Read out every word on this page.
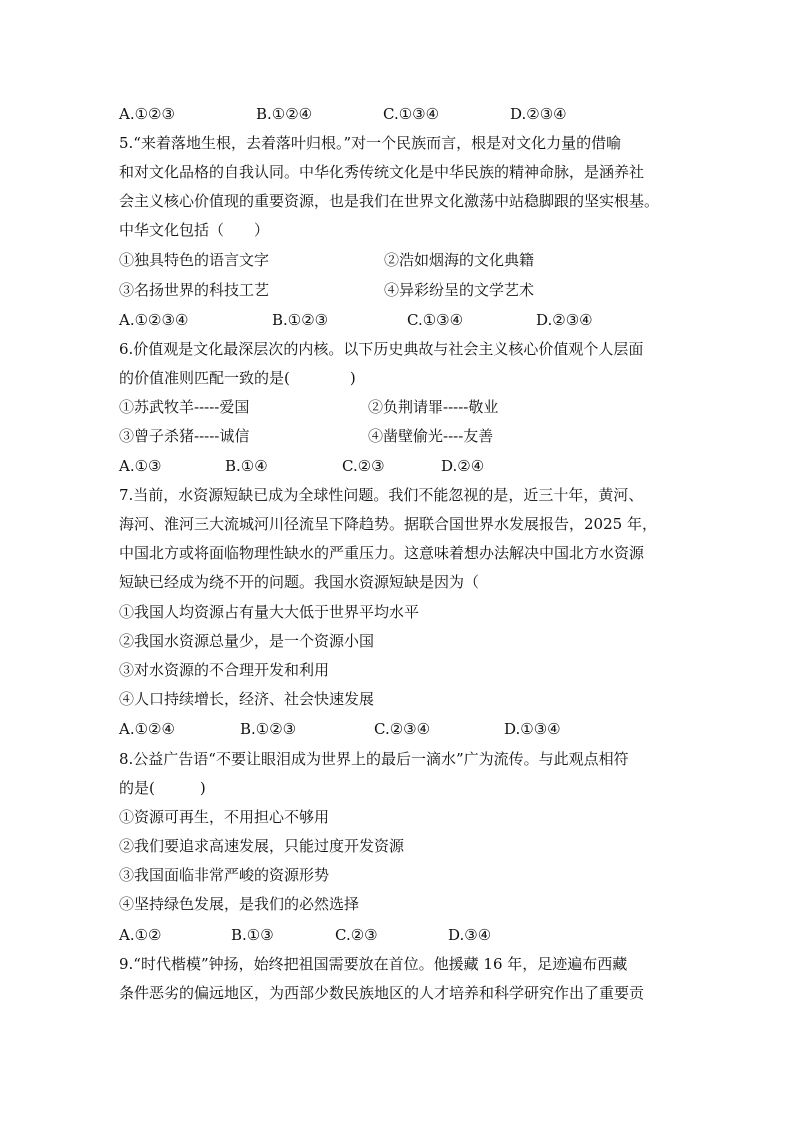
A.①②③	B.①②④	C.①③④	D.②③④
5.“来着落地生根，去着落叶归根。”对一个民族而言，根是对文化力量的借喻
和对文化品格的自我认同。中华化秀传统文化是中华民族的精神命脉，是涵养社
会主义核心价值现的重要资源，也是我们在世界文化激荡中站稳脚跟的坚实根基。
中华文化包括（　　）
①独具特色的语言文字	②浩如烟海的文化典籍
③名扬世界的科技工艺	④异彩纷呈的文学艺术
A.①②③④	B.①②③	C.①③④	D.②③④
6.价值观是文化最深层次的内核。以下历史典故与社会主义核心价值观个人层面
的价值准则匹配一致的是(　　　　)
①苏武牧羊-----爱国	②负荆请罪-----敬业
③曾子杀猪-----诚信	④凿壁偷光----友善
A.①③	B.①④	C.②③	D.②④
7.当前，水资源短缺已成为全球性问题。我们不能忽视的是，近三十年，黄河、
海河、淮河三大流城河川径流呈下降趋势。据联合国世界水发展报告，2025 年，
中国北方或将面临物理性缺水的严重压力。这意味着想办法解决中国北方水资源
短缺已经成为绕不开的问题。我国水资源短缺是因为（
①我国人均资源占有量大大低于世界平均水平
②我国水资源总量少，是一个资源小国
③对水资源的不合理开发和利用
④人口持续增长，经济、社会快速发展
A.①②④	B.①②③	C.②③④	D.①③④
8.公益广告语“不要让眼泪成为世界上的最后一滴水”广为流传。与此观点相符
的是(　　　)
①资源可再生，不用担心不够用
②我们要追求高速发展，只能过度开发资源
③我国面临非常严峻的资源形势
④坚持绿色发展，是我们的必然选择
A.①②	B.①③	C.②③	D.③④
9.“时代楷模”钟扬，始终把祖国需要放在首位。他援藏 16 年，足迹遍布西藏
条件恶劣的偏远地区，为西部少数民族地区的人才培养和科学研究作出了重要贡
